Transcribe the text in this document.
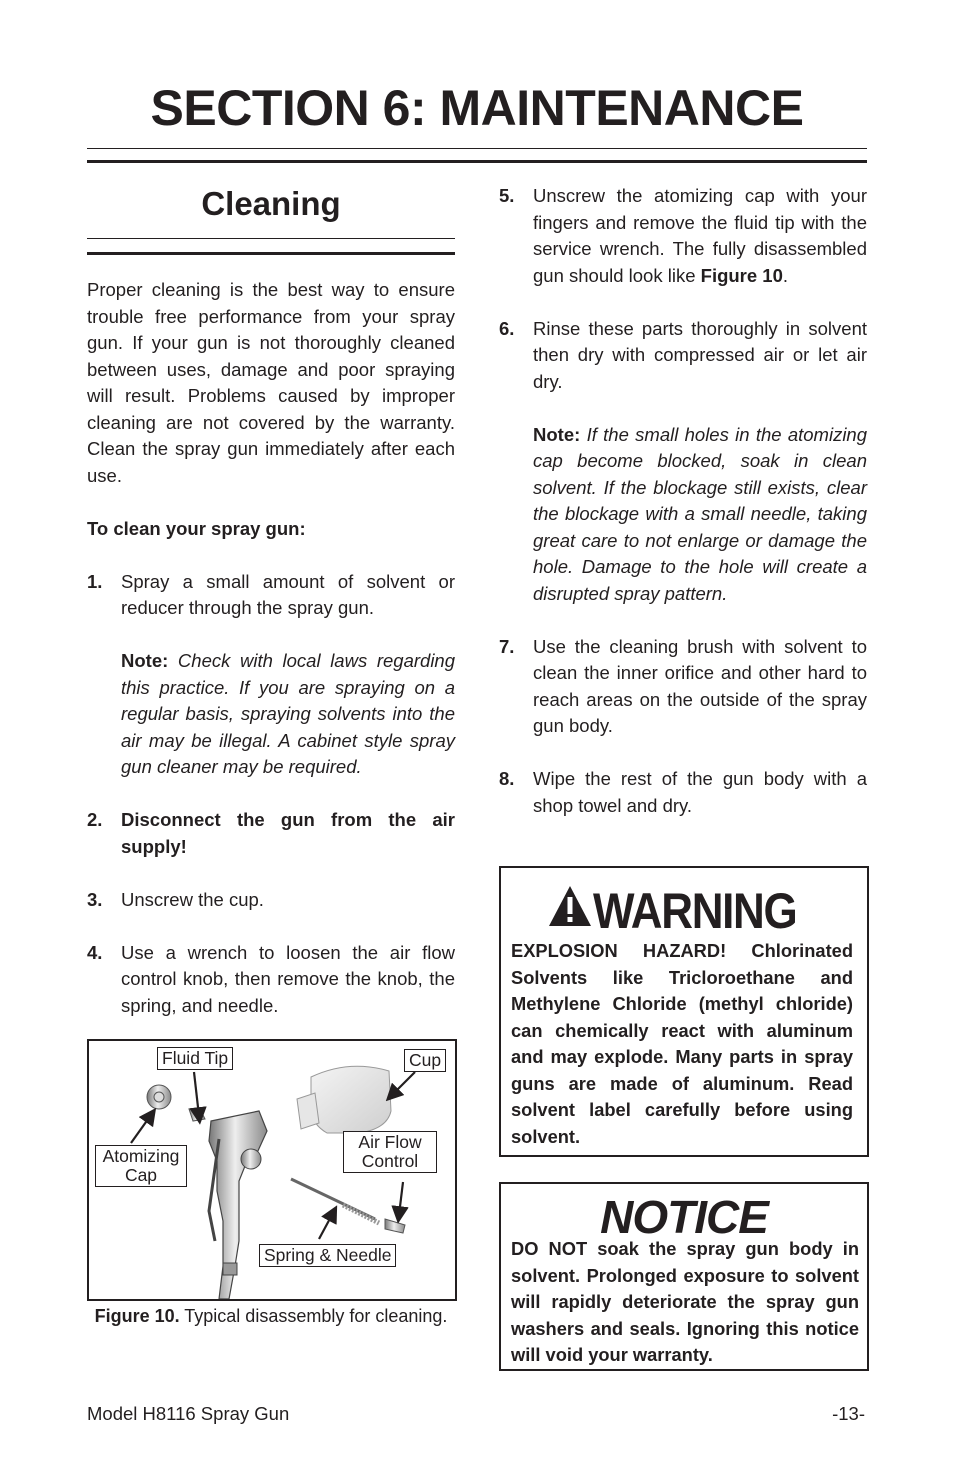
SECTION 6: MAINTENANCE
Cleaning

Proper cleaning is the best way to ensure trouble free performance from your spray gun. If your gun is not thoroughly cleaned between uses, damage and poor spraying will result. Problems caused by improper cleaning are not covered by the warranty. Clean the spray gun immediately after each use.

To clean your spray gun:

1. Spray a small amount of solvent or reducer through the spray gun.
Note: Check with local laws regarding this practice. If you are spraying on a regular basis, spraying solvents into the air may be illegal. A cabinet style spray gun cleaner may be required.
2. Disconnect the gun from the air supply!
3. Unscrew the cup.
4. Use a wrench to loosen the air flow control knob, then remove the knob, the spring, and needle.
Fluid Tip	Cup
Atomizing
Cap
Air Flow
Control
Spring & Needle
Figure 10. Typical disassembly for cleaning.
5. Unscrew the atomizing cap with your fingers and remove the fluid tip with the service wrench. The fully disassembled gun should look like Figure 10.
6. Rinse these parts thoroughly in solvent then dry with compressed air or let air dry.
Note: If the small holes in the atomizing cap become blocked, soak in clean solvent. If the blockage still exists, clear the blockage with a small needle, taking great care to not enlarge or damage the hole. Damage to the hole will create a disrupted spray pattern.
7. Use the cleaning brush with solvent to clean the inner orifice and other hard to reach areas on the outside of the spray gun body.
8. Wipe the rest of the gun body with a shop towel and dry.
WARNING
EXPLOSION HAZARD! Chlorinated Solvents like Tricloroethane and Methylene Chloride (methyl chloride) can chemically react with aluminum and may explode. Many parts in spray guns are made of aluminum. Read solvent label carefully before using solvent.
NOTICE
DO NOT soak the spray gun body in solvent. Prolonged exposure to solvent will rapidly deteriorate the spray gun washers and seals. Ignoring this notice will void your warranty.
Model H8116 Spray Gun	-13-
